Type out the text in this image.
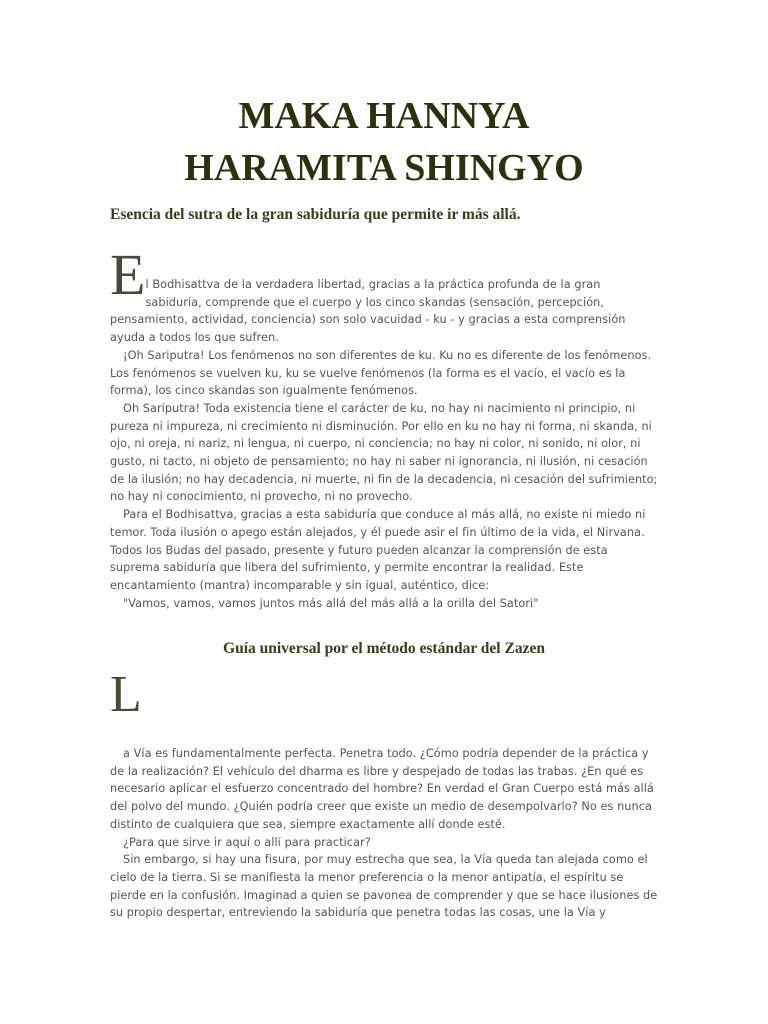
MAKA HANNYA
HARAMITA SHINGYO

Esencia del sutra de la gran sabiduría que permite ir más allá.

E l Bodhisattva de la verdadera libertad, gracias a la práctica profunda de la gran

sabiduría, comprende que el cuerpo y los cinco skandas (sensación, percepción, pensamiento, actividad, conciencia) son solo vacuidad - ku - y gracias a esta comprensión ayuda a todos los que sufren.

¡Oh Sariputra! Los fenómenos no son diferentes de ku. Ku no es diferente de los fenómenos. Los fenómenos se vuelven ku, ku se vuelve fenómenos (la forma es el vacío, el vacío es la forma), los cinco skandas son igualmente fenómenos.

Oh Sariputra! Toda existencia tiene el carácter de ku, no hay ni nacimiento ni principio, ni pureza ni impureza, ni crecimiento ni disminución. Por ello en ku no hay ni forma, ni skanda, ni ojo, ni oreja, ni nariz, ni lengua, ni cuerpo, ni conciencia; no hay ni color, ni sonido, ni olor, ni gusto, ni tacto, ni objeto de pensamiento; no hay ni saber ni ignorancia, ni ilusión, ni cesación de la ilusión; no hay decadencia, ni muerte, ni fin de la decadencia, ni cesación del sufrimiento; no hay ni conocimiento, ni provecho, ni no provecho.

Para el Bodhisattva, gracias a esta sabiduría que conduce al más allá, no existe ni miedo ni temor. Toda ilusión o apego están alejados, y él puede asir el fin último de la vida, el Nirvana. Todos los Budas del pasado, presente y futuro pueden alcanzar la comprensión de esta suprema sabiduría que libera del sufrimiento, y permite encontrar la realidad. Este encantamiento (mantra) incomparable y sin igual, auténtico, dice:

"Vamos, vamos, vamos juntos más allá del más allá a la orilla del Satori"

Guía universal por el método estándar del Zazen
L

a Vía es fundamentalmente perfecta. Penetra todo. ¿Cómo podría depender de la práctica y de la realización? El vehículo del dharma es libre y despejado de todas las trabas. ¿En qué es necesario aplicar el esfuerzo concentrado del hombre? En verdad el Gran Cuerpo está más allá del polvo del mundo. ¿Quién podría creer que existe un medio de desempolvarlo? No es nunca distinto de cualquiera que sea, siempre exactamente allí donde esté.

¿Para que sirve ir aquí o allí para practicar?

Sin embargo, si hay una fisura, por muy estrecha que sea, la Vía queda tan alejada como el cielo de la tierra. Si se manifiesta la menor preferencia o la menor antipatía, el espíritu se pierde en la confusión. Imaginad a quien se pavonea de comprender y que se hace ilusiones de su propio despertar, entreviendo la sabiduría que penetra todas las cosas, une la Vía y
